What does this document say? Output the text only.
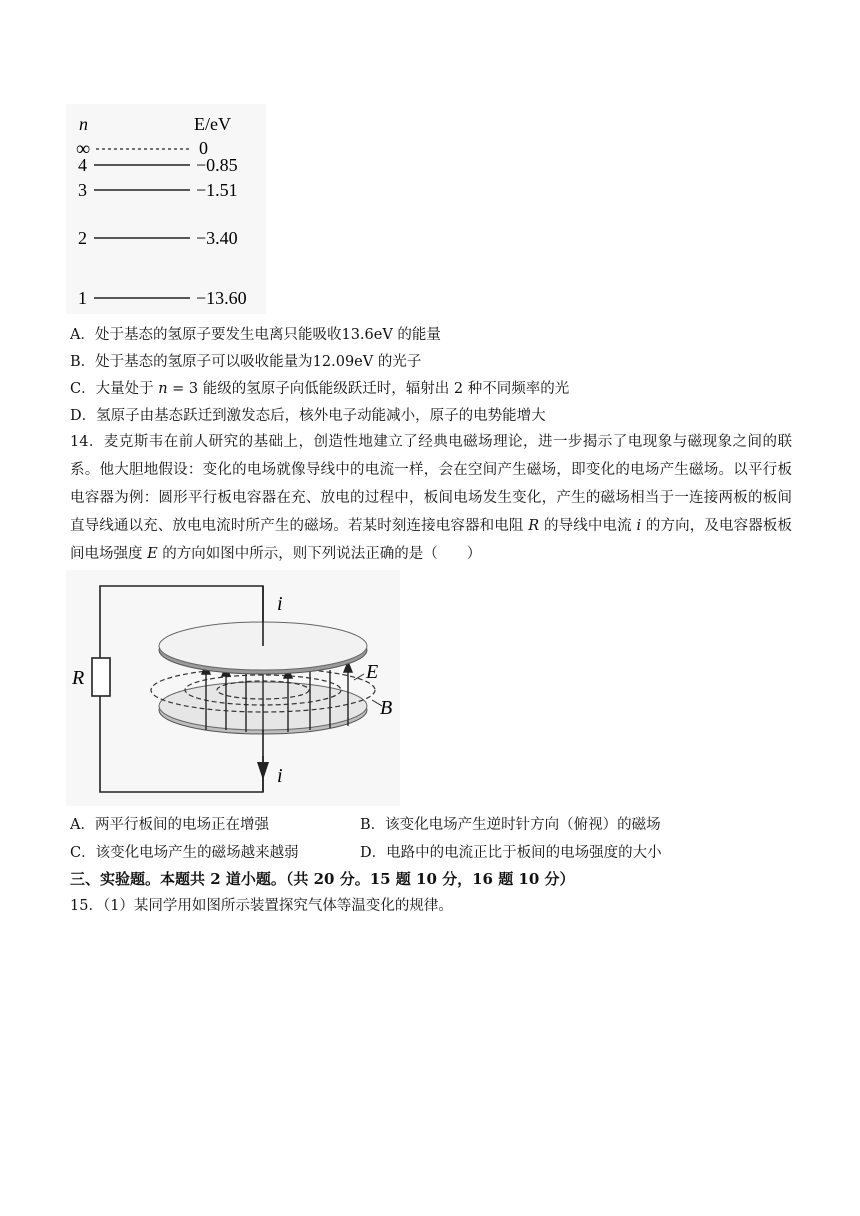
n	E/eV
∞	0
4	−0.85
3	−1.51
2	−3.40
1	−13.60
A．处于基态的氢原子要发生电离只能吸收13.6eV 的能量
B．处于基态的氢原子可以吸收能量为12.09eV 的光子
C．大量处于 n = 3 能级的氢原子向低能级跃迁时，辐射出 2 种不同频率的光
D．氢原子由基态跃迁到激发态后，核外电子动能减小，原子的电势能增大
14．麦克斯韦在前人研究的基础上，创造性地建立了经典电磁场理论，进一步揭示了电现象与磁现象之间的联系。他大胆地假设：变化的电场就像导线中的电流一样，会在空间产生磁场，即变化的电场产生磁场。以平行板电容器为例：圆形平行板电容器在充、放电的过程中，板间电场发生变化，产生的磁场相当于一连接两板的板间直导线通以充、放电电流时所产生的磁场。若某时刻连接电容器和电阻 R 的导线中电流 i 的方向，及电容器板板间电场强度 E 的方向如图中所示，则下列说法正确的是（　　）
R
i
i
E
B
A．两平行板间的电场正在增强	B．该变化电场产生逆时针方向（俯视）的磁场
C．该变化电场产生的磁场越来越弱	D．电路中的电流正比于板间的电场强度的大小
三、实验题。本题共 2 道小题。（共 20 分。15 题 10 分，16 题 10 分）
15．（1）某同学用如图所示装置探究气体等温变化的规律。
